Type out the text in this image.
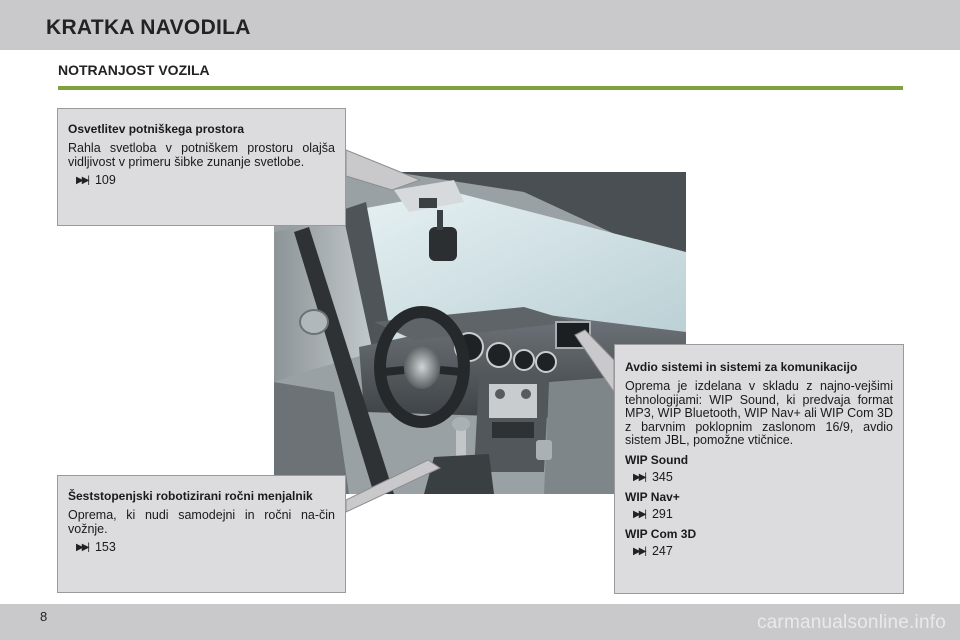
KRATKA NAVODILA
NOTRANJOST VOZILA
Osvetlitev potniškega prostora

Rahla svetloba v potniškem prostoru olajša vidljivost v primeru šibke zunanje svetlobe.

▶▶| 109
Šeststopenjski robotizirani ročni menjalnik

Oprema, ki nudi samodejni in ročni na-čin vožnje.

▶▶| 153
Avdio sistemi in sistemi za komunikacijo

Oprema je izdelana v skladu z najno-vejšimi tehnologijami: WIP Sound, ki predvaja format MP3, WIP Bluetooth, WIP Nav+ ali WIP Com 3D z barvnim poklopnim zaslonom 16/9, avdio sistem JBL, pomožne vtičnice.

WIP Sound
▶▶| 345
WIP Nav+
▶▶| 291
WIP Com 3D
▶▶| 247
8	carmanualsonline.info
